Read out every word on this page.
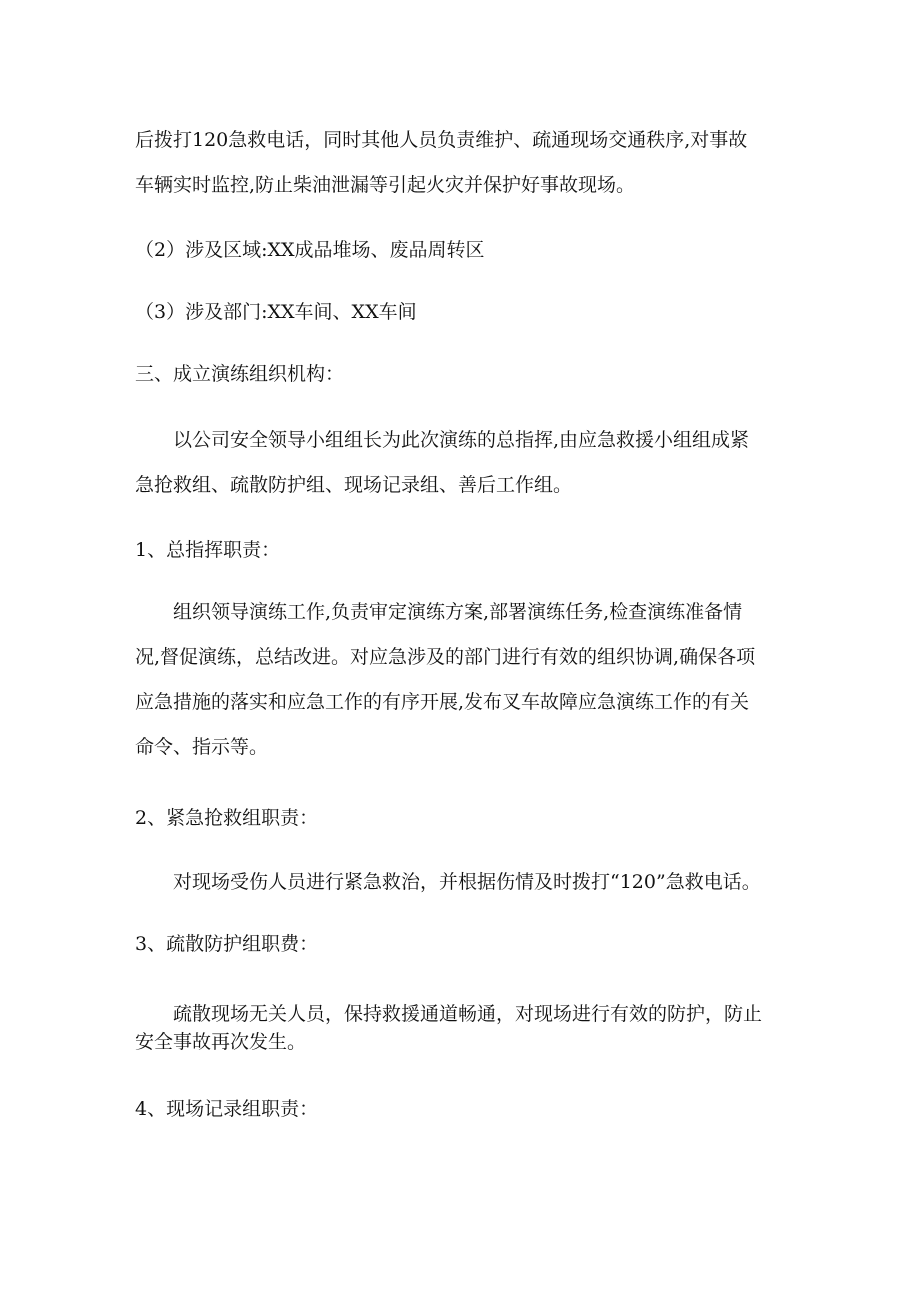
后拨打120急救电话，同时其他人员负责维护、疏通现场交通秩序,对事故
车辆实时监控,防止柴油泄漏等引起火灾并保护好事故现场。

（2）涉及区域:XX成品堆场、废品周转区

（3）涉及部门:XX车间、XX车间

三、成立演练组织机构：

以公司安全领导小组组长为此次演练的总指挥,由应急救援小组组成紧
急抢救组、疏散防护组、现场记录组、善后工作组。

1、总指挥职责：

组织领导演练工作,负责审定演练方案,部署演练任务,检查演练准备情
况,督促演练，总结改进。对应急涉及的部门进行有效的组织协调,确保各项
应急措施的落实和应急工作的有序开展,发布叉车故障应急演练工作的有关
命令、指示等。

2、紧急抢救组职责：

对现场受伤人员进行紧急救治，并根据伤情及时拨打“120”急救电话。

3、疏散防护组职费：

疏散现场无关人员，保持救援通道畅通，对现场进行有效的防护，防止
安全事故再次发生。

4、现场记录组职责：
